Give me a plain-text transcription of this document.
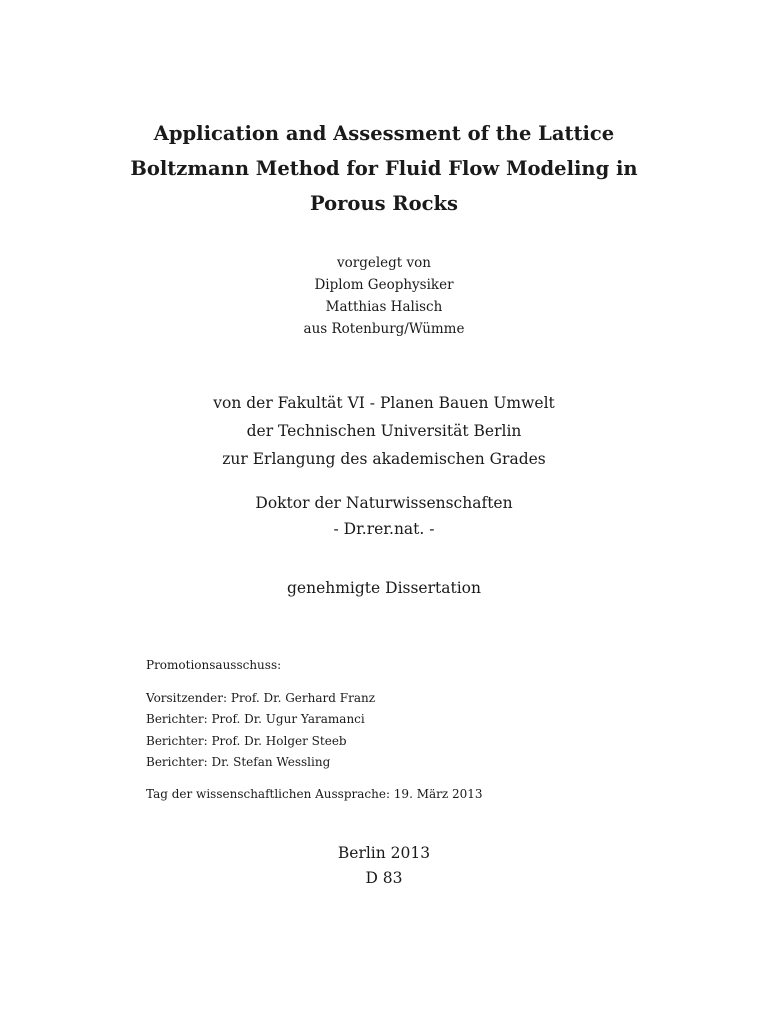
Application and Assessment of the Lattice
Boltzmann Method for Fluid Flow Modeling in
Porous Rocks
vorgelegt von
Diplom Geophysiker
Matthias Halisch
aus Rotenburg/Wümme
von der Fakultät VI - Planen Bauen Umwelt
der Technischen Universität Berlin
zur Erlangung des akademischen Grades
Doktor der Naturwissenschaften
- Dr.rer.nat. -
genehmigte Dissertation
Promotionsausschuss:
Vorsitzender: Prof. Dr. Gerhard Franz
Berichter: Prof. Dr. Ugur Yaramanci
Berichter: Prof. Dr. Holger Steeb
Berichter: Dr. Stefan Wessling
Tag der wissenschaftlichen Aussprache: 19. März 2013
Berlin 2013
D 83
